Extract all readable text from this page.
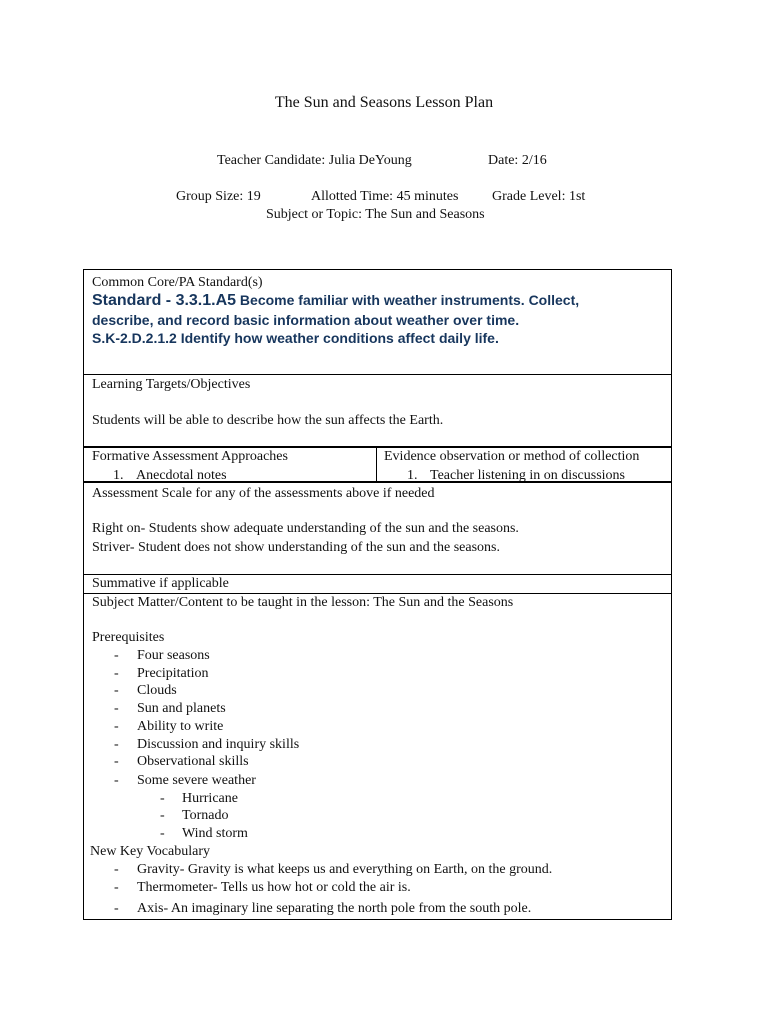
The Sun and Seasons Lesson Plan
Teacher Candidate: Julia DeYoung	Date: 2/16
Group Size: 19	Allotted Time: 45 minutes Grade Level: 1st
Subject or Topic: The Sun and Seasons
Common Core/PA Standard(s)
Standard - 3.3.1.A5 Become familiar with weather instruments. Collect,
describe, and record basic information about weather over time.
S.K-2.D.2.1.2 Identify how weather conditions affect daily life.
Learning Targets/Objectives
Students will be able to describe how the sun affects the Earth.
Formative Assessment Approaches
1. Anecdotal notes
Evidence observation or method of collection
1. Teacher listening in on discussions
Assessment Scale for any of the assessments above if needed
Right on- Students show adequate understanding of the sun and the seasons.
Striver- Student does not show understanding of the sun and the seasons.
Summative if applicable
Subject Matter/Content to be taught in the lesson: The Sun and the Seasons
Prerequisites
- Four seasons
- Precipitation
- Clouds
- Sun and planets
- Ability to write
- Discussion and inquiry skills
- Observational skills
- Some severe weather
- Hurricane
- Tornado
- Wind storm
New Key Vocabulary
- Gravity- Gravity is what keeps us and everything on Earth, on the ground.
- Thermometer- Tells us how hot or cold the air is.
- Axis- An imaginary line separating the north pole from the south pole.
